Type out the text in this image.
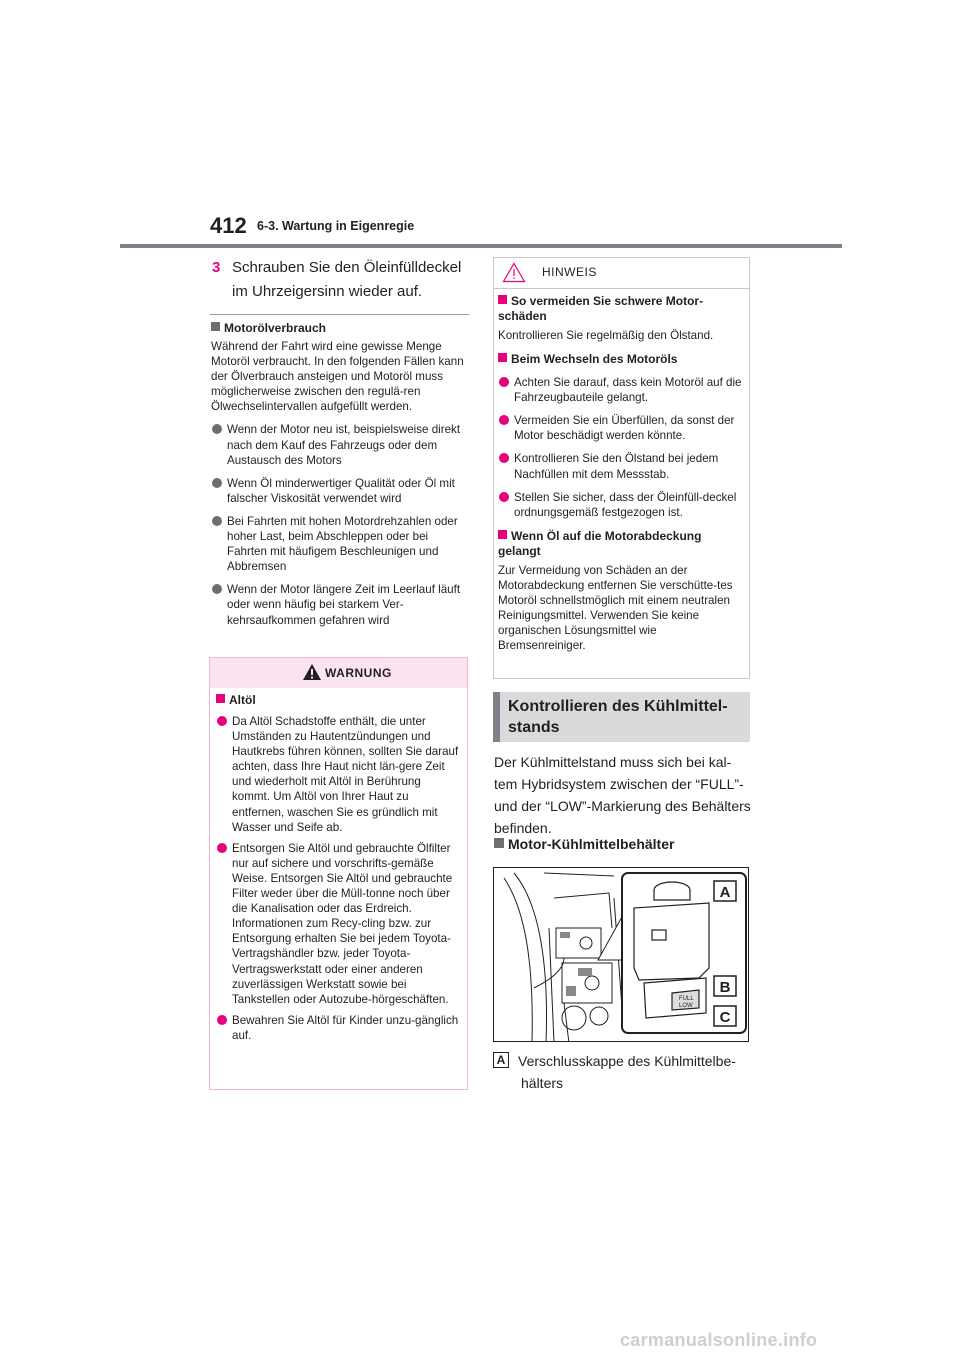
412 6-3. Wartung in Eigenregie
3 Schrauben Sie den Öleinfülldeckel
im Uhrzeigersinn wieder auf.
Motorölverbrauch
Während der Fahrt wird eine gewisse Menge Motoröl verbraucht. In den folgenden Fällen kann der Ölverbrauch ansteigen und Motoröl muss möglicherweise zwischen den regulä-ren Ölwechselintervallen aufgefüllt werden.
Wenn der Motor neu ist, beispielsweise direkt nach dem Kauf des Fahrzeugs oder dem Austausch des Motors
Wenn Öl minderwertiger Qualität oder Öl mit falscher Viskosität verwendet wird
Bei Fahrten mit hohen Motordrehzahlen oder hoher Last, beim Abschleppen oder bei Fahrten mit häufigem Beschleunigen und Abbremsen
Wenn der Motor längere Zeit im Leerlauf läuft oder wenn häufig bei starkem Ver-kehrsaufkommen gefahren wird
WARNUNG
Altöl
Da Altöl Schadstoffe enthält, die unter Umständen zu Hautentzündungen und Hautkrebs führen können, sollten Sie darauf achten, dass Ihre Haut nicht län-gere Zeit und wiederholt mit Altöl in Berührung kommt. Um Altöl von Ihrer Haut zu entfernen, waschen Sie es gründlich mit Wasser und Seife ab.
Entsorgen Sie Altöl und gebrauchte Ölfilter nur auf sichere und vorschrifts-gemäße Weise. Entsorgen Sie Altöl und gebrauchte Filter weder über die Müll-tonne noch über die Kanalisation oder das Erdreich. Informationen zum Recy-cling bzw. zur Entsorgung erhalten Sie bei jedem Toyota-Vertragshändler bzw. jeder Toyota-Vertragswerkstatt oder einer anderen zuverlässigen Werkstatt sowie bei Tankstellen oder Autozube-hörgeschäften.
Bewahren Sie Altöl für Kinder unzu-gänglich auf.
HINWEIS
So vermeiden Sie schwere Motor-schäden
Kontrollieren Sie regelmäßig den Ölstand.
Beim Wechseln des Motoröls
Achten Sie darauf, dass kein Motoröl auf die Fahrzeugbauteile gelangt.
Vermeiden Sie ein Überfüllen, da sonst der Motor beschädigt werden könnte.
Kontrollieren Sie den Ölstand bei jedem Nachfüllen mit dem Messstab.
Stellen Sie sicher, dass der Öleinfüll-deckel ordnungsgemäß festgezogen ist.
Wenn Öl auf die Motorabdeckung gelangt
Zur Vermeidung von Schäden an der Motorabdeckung entfernen Sie verschütte-tes Motoröl schnellstmöglich mit einem neutralen Reinigungsmittel. Verwenden Sie keine organischen Lösungsmittel wie Bremsenreiniger.
Kontrollieren des Kühlmittel-stands
Der Kühlmittelstand muss sich bei kal-tem Hybridsystem zwischen der “FULL”- und der “LOW”-Markierung des Behälters befinden.
Motor-Kühlmittelbehälter
FULL
LOW
A
B
C
A Verschlusskappe des Kühlmittelbe-
hälters
carmanualsonline.info
